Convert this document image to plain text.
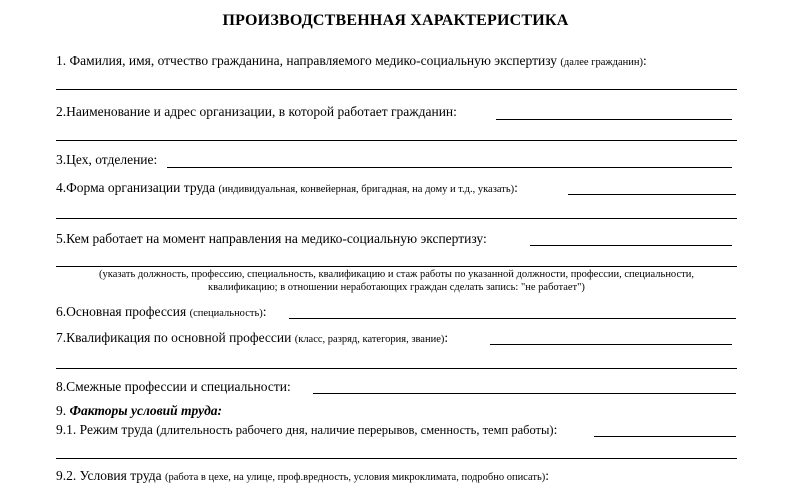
ПРОИЗВОДСТВЕННАЯ ХАРАКТЕРИСТИКА
1. Фамилия, имя, отчество гражданина, направляемого медико-социальную экспертизу (далее гражданин):
2.Наименование и адрес организации, в которой работает гражданин:
3.Цех, отделение:
4.Форма организации труда (индивидуальная, конвейерная, бригадная, на дому и т.д., указать):
5.Кем работает на момент направления на медико-социальную экспертизу:
(указать должность, профессию, специальность, квалификацию и стаж работы по указанной должности, профессии, специальности,
квалификацию; в отношении неработающих граждан сделать запись: "не работает")
6.Основная профессия (специальность):
7.Квалификация по основной профессии (класс, разряд, категория, звание):
8.Смежные профессии и специальности:
9. Факторы условий труда:
9.1. Режим труда (длительность рабочего дня, наличие перерывов, сменность, темп работы):
9.2. Условия труда (работа в цехе, на улице, проф.вредность, условия микроклимата, подробно описать):
